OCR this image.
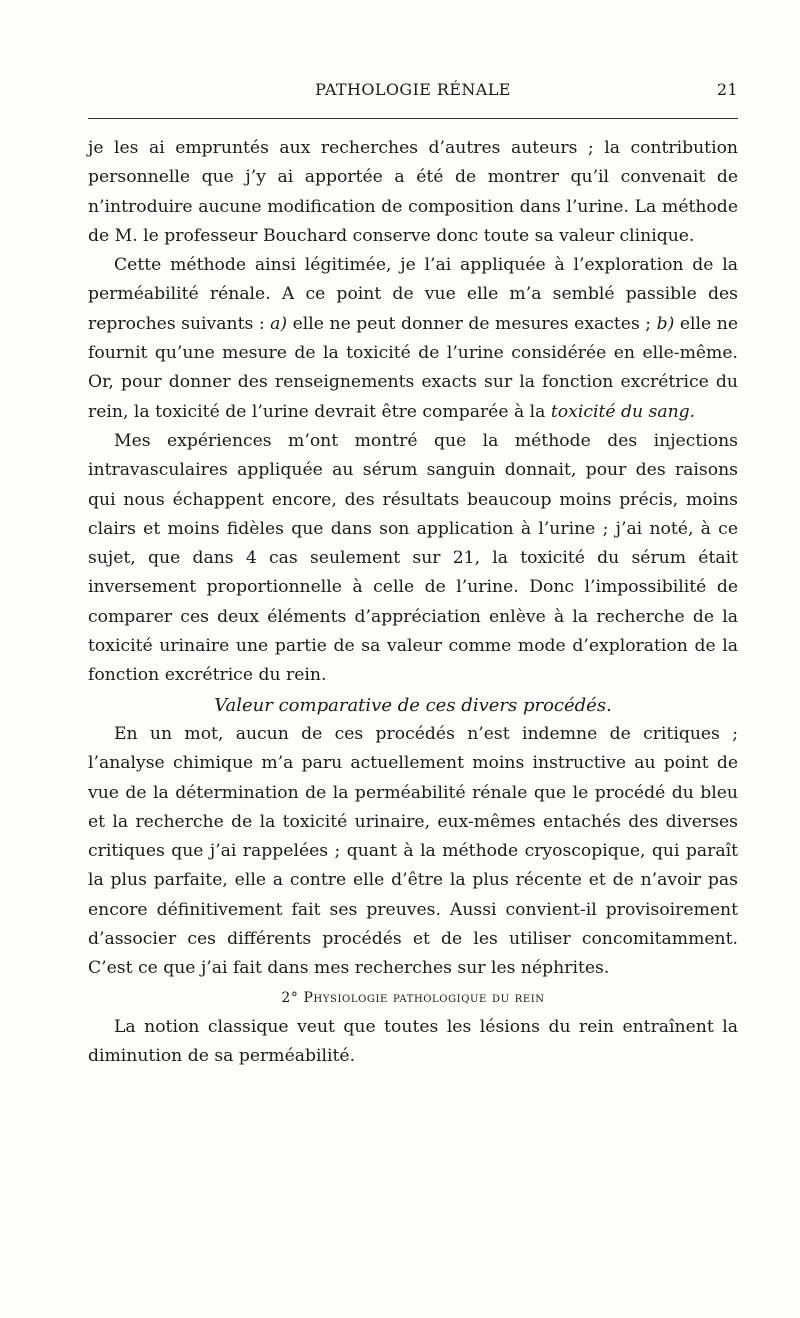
PATHOLOGIE RÉNALE	21

je les ai empruntés aux recherches d’autres auteurs ; la contribution personnelle que j’y ai apportée a été de montrer qu’il convenait de n’introduire aucune modification de composition dans l’urine. La méthode de M. le professeur Bouchard conserve donc toute sa valeur clinique.

Cette méthode ainsi légitimée, je l’ai appliquée à l’exploration de la perméabilité rénale. A ce point de vue elle m’a semblé passible des reproches suivants : a) elle ne peut donner de mesures exactes ; b) elle ne fournit qu’une mesure de la toxicité de l’urine considérée en elle-même. Or, pour donner des renseignements exacts sur la fonction excrétrice du rein, la toxicité de l’urine devrait être comparée à la toxicité du sang.

Mes expériences m’ont montré que la méthode des injections intravasculaires appliquée au sérum sanguin donnait, pour des raisons qui nous échappent encore, des résultats beaucoup moins précis, moins clairs et moins fidèles que dans son application à l’urine ; j’ai noté, à ce sujet, que dans 4 cas seulement sur 21, la toxicité du sérum était inversement proportionnelle à celle de l’urine. Donc l’impossibilité de comparer ces deux éléments d’appréciation enlève à la recherche de la toxicité urinaire une partie de sa valeur comme mode d’exploration de la fonction excrétrice du rein.

Valeur comparative de ces divers procédés.

En un mot, aucun de ces procédés n’est indemne de critiques ; l’analyse chimique m’a paru actuellement moins instructive au point de vue de la détermination de la perméabilité rénale que le procédé du bleu et la recherche de la toxicité urinaire, eux-mêmes entachés des diverses critiques que j’ai rappelées ; quant à la méthode cryoscopique, qui paraît la plus parfaite, elle a contre elle d’être la plus récente et de n’avoir pas encore définitivement fait ses preuves. Aussi convient-il provisoirement d’associer ces différents procédés et de les utiliser concomitamment. C’est ce que j’ai fait dans mes recherches sur les néphrites.

2° Physiologie pathologique du rein

La notion classique veut que toutes les lésions du rein entraînent la diminution de sa perméabilité.
